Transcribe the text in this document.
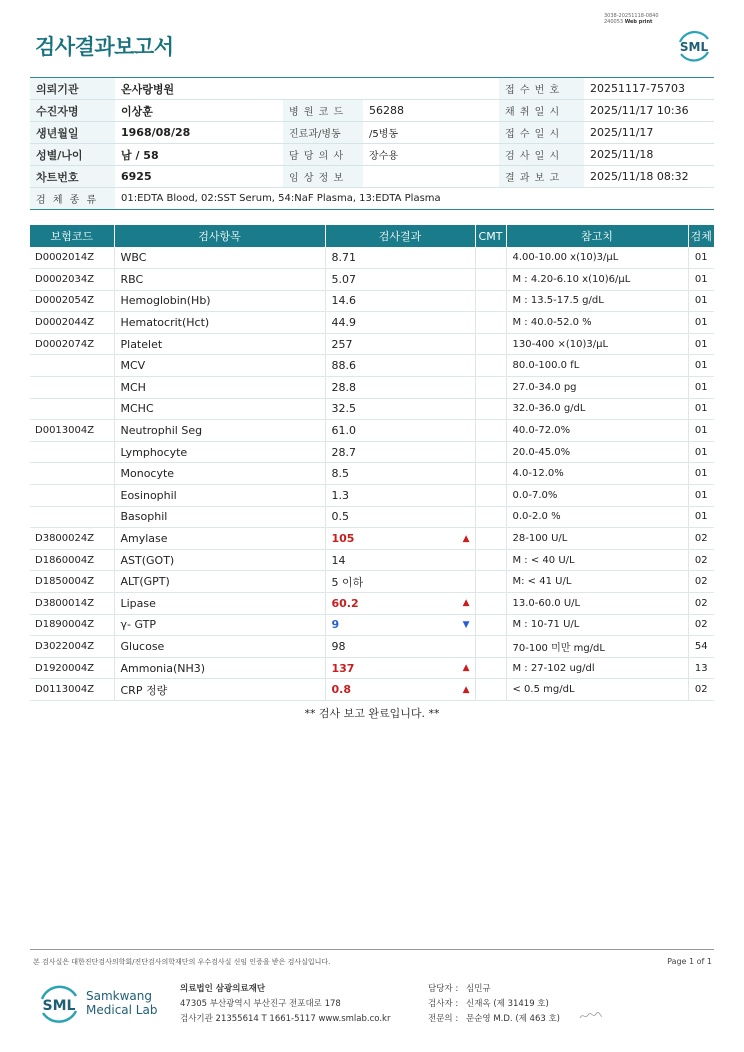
3038-20251118-0840
240053 Web print
검사결과보고서	SML
의뢰기관	온사랑병원			접 수 번 호	20251117-75703
수진자명	이상훈	병 원 코 드	56288	채 취 일 시	2025/11/17 10:36
생년월일	1968/08/28	진료과/병동	/5병동	접 수 일 시	2025/11/17
성별/나이	남 / 58	담 당 의 사	장수용	검 사 일 시	2025/11/18
차트번호	6925	임 상 정 보		결 과 보 고	2025/11/18 08:32
검 체 종 류	01:EDTA Blood, 02:SST Serum, 54:NaF Plasma, 13:EDTA Plasma				
보험코드	검사항목	검사결과	CMT	참고치	검체
D0002014Z	WBC	8.71		4.00-10.00 x(10)3/μL	01
D0002034Z	RBC	5.07		M : 4.20-6.10 x(10)6/μL	01
D0002054Z	Hemoglobin(Hb)	14.6		M : 13.5-17.5 g/dL	01
D0002044Z	Hematocrit(Hct)	44.9		M : 40.0-52.0 %	01
D0002074Z	Platelet	257		130-400 ×(10)3/μL	01
	MCV	88.6		80.0-100.0 fL	01
	MCH	28.8		27.0-34.0 pg	01
	MCHC	32.5		32.0-36.0 g/dL	01
D0013004Z	Neutrophil Seg	61.0		40.0-72.0%	01
	Lymphocyte	28.7		20.0-45.0%	01
	Monocyte	8.5		4.0-12.0%	01
	Eosinophil	1.3		0.0-7.0%	01
	Basophil	0.5		0.0-2.0 %	01
D3800024Z	Amylase	105 ▲		28-100 U/L	02
D1860004Z	AST(GOT)	14		M : < 40 U/L	02
D1850004Z	ALT(GPT)	5 이하		M: < 41 U/L	02
D3800014Z	Lipase	60.2 ▲		13.0-60.0 U/L	02
D1890004Z	γ- GTP	9 ▼		M : 10-71 U/L	02
D3022004Z	Glucose	98		70-100 미만 mg/dL	54
D1920004Z	Ammonia(NH3)	137 ▲		M : 27-102 ug/dl	13
D0113004Z	CRP 정량	0.8 ▲		< 0.5 mg/dL	02
** 검사 보고 완료입니다. **
본 검사실은 대한진단검사의학회/진단검사의학재단의 우수검사실 신임 인증을 받은 검사실입니다.	Page 1 of 1
SML
Samkwang
Medical Lab
의료법인 삼광의료재단
47305 부산광역시 부산진구 전포대로 178
검사기관 21355614 T 1661-5117 www.smlab.co.kr
담당자 : 심민규
검사자 : 신재옥 (제 31419 호)
전문의 : 문순영 M.D. (제 463 호)
